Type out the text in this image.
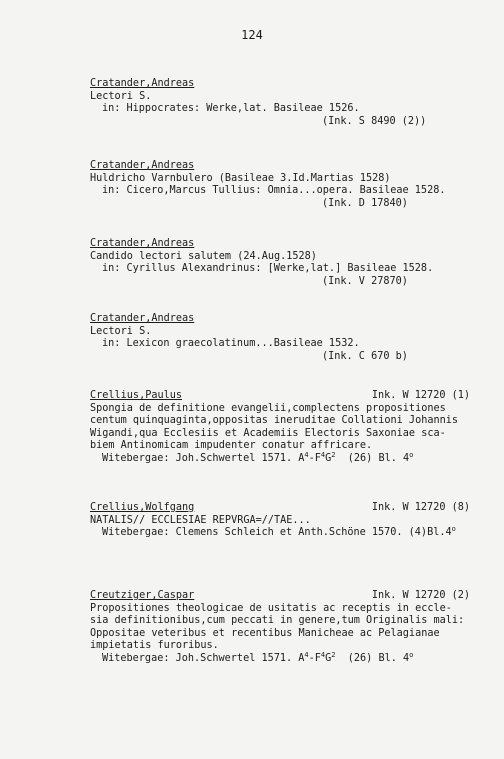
124
Cratander,Andreas
Lectori S.
in: Hippocrates: Werke,lat. Basileae 1526.
(Ink. S 8490 (2))
Cratander,Andreas
Huldricho Varnbulero (Basileae 3.Id.Martias 1528)
in: Cicero,Marcus Tullius: Omnia...opera. Basileae 1528.
(Ink. D 17840)
Cratander,Andreas
Candido lectori salutem (24.Aug.1528)
in: Cyrillus Alexandrinus: [Werke,lat.] Basileae 1528.
(Ink. V 27870)
Cratander,Andreas
Lectori S.
in: Lexicon graecolatinum...Basileae 1532.
(Ink. C 670 b)
Crellius,Paulus	Ink. W 12720 (1)
Spongia de definitione evangelii,complectens propositiones
centum quinquaginta,oppositas ineruditae Collationi Johannis
Wigandi,qua Ecclesiis et Academiis Electoris Saxoniae sca-
biem Antinomicam impudenter conatur affricare.
Witebergae: Joh.Schwertel 1571. $A^4-F^4G^2$ (26) Bl. 4$^o$
Crellius,Wolfgang	Ink. W 12720 (8)
NATALIS// ECCLESIAE REPVRGA=//TAE...
Witebergae: Clemens Schleich et Anth.Schöne 1570. (4)Bl.4$^o$
Creutziger,Caspar	Ink. W 12720 (2)
Propositiones theologicae de usitatis ac receptis in eccle-
sia definitionibus,cum peccati in genere,tum Originalis mali:
Oppositae veteribus et recentibus Manicheae ac Pelagianae
impietatis furoribus.
Witebergae: Joh.Schwertel 1571. $A^4-F^4G^2$ (26) Bl. 4$^o$
